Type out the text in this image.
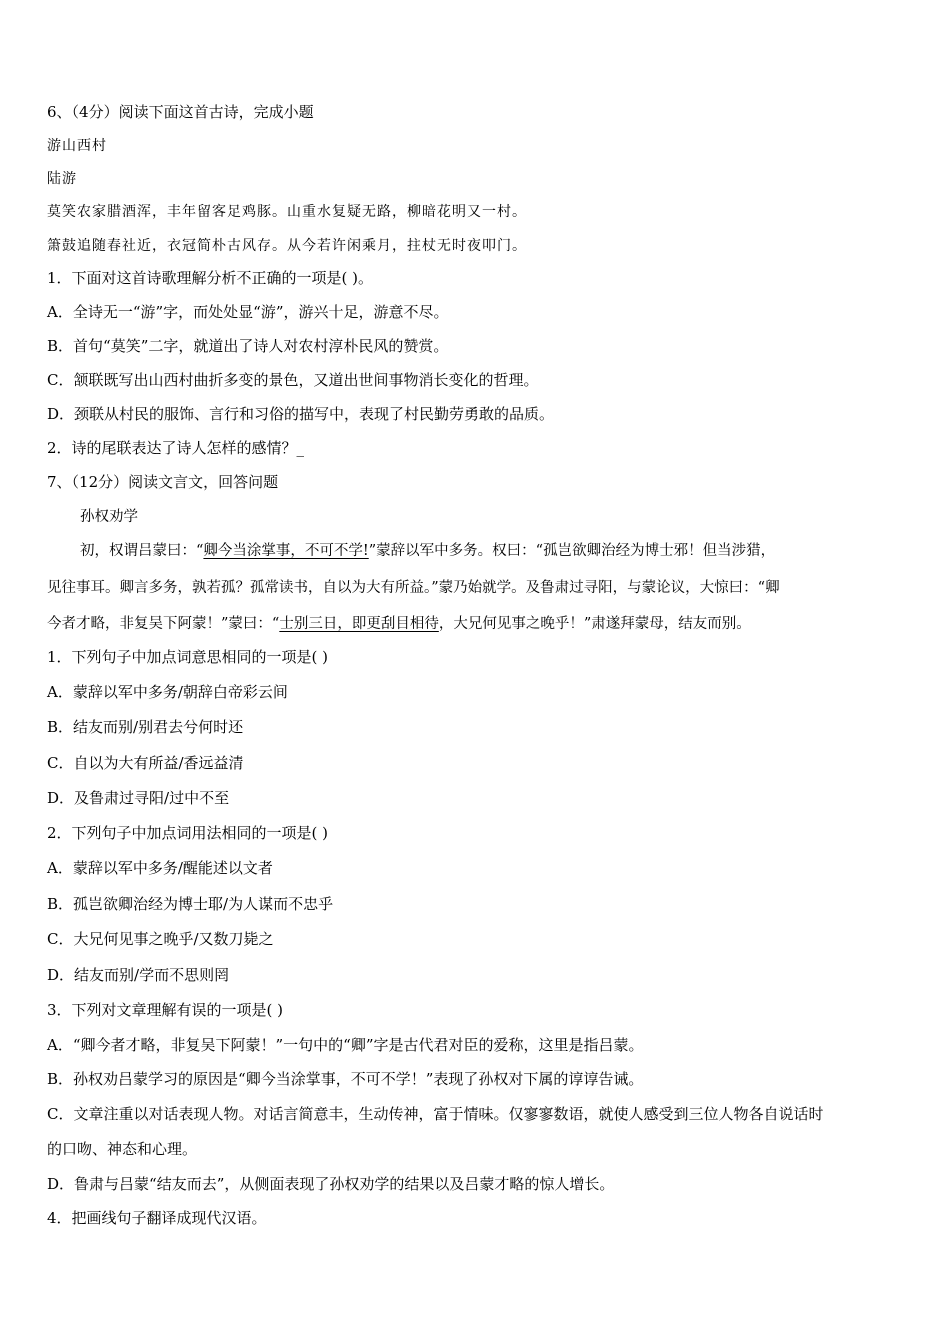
6、（4分）阅读下面这首古诗，完成小题
游山西村
陆游
莫笑农家腊酒浑，丰年留客足鸡豚。山重水复疑无路，柳暗花明又一村。
箫鼓追随春社近，衣冠简朴古风存。从今若许闲乘月，拄杖无时夜叩门。
1．下面对这首诗歌理解分析不正确的一项是( )。
A．全诗无一“游”字，而处处显“游”，游兴十足，游意不尽。
B．首句“莫笑”二字，就道出了诗人对农村淳朴民风的赞赏。
C．颔联既写出山西村曲折多变的景色，又道出世间事物消长变化的哲理。
D．颈联从村民的服饰、言行和习俗的描写中，表现了村民勤劳勇敢的品质。
2．诗的尾联表达了诗人怎样的感情？_
7、（12分）阅读文言文，回答问题
孙权劝学
初，权谓吕蒙曰：“卿今当涂掌事，不可不学!”蒙辞以军中多务。权曰：“孤岂欲卿治经为博士邪！但当涉猎，
见往事耳。卿言多务，孰若孤？孤常读书，自以为大有所益。”蒙乃始就学。及鲁肃过寻阳，与蒙论议，大惊曰：“卿
今者才略，非复吴下阿蒙！”蒙曰：“士别三日，即更刮目相待，大兄何见事之晚乎！”肃遂拜蒙母，结友而别。
1．下列句子中加点词意思相同的一项是( )
A．蒙辞以军中多务/朝辞白帝彩云间
B．结友而别/别君去兮何时还
C．自以为大有所益/香远益清
D．及鲁肃过寻阳/过中不至
2．下列句子中加点词用法相同的一项是( )
A．蒙辞以军中多务/醒能述以文者
B．孤岂欲卿治经为博士耶/为人谋而不忠乎
C．大兄何见事之晚乎/又数刀毙之
D．结友而别/学而不思则罔
3．下列对文章理解有误的一项是( )
A．“卿今者才略，非复吴下阿蒙！”一句中的“卿”字是古代君对臣的爱称，这里是指吕蒙。
B．孙权劝吕蒙学习的原因是“卿今当涂掌事，不可不学！”表现了孙权对下属的谆谆告诫。
C．文章注重以对话表现人物。对话言简意丰，生动传神，富于情味。仅寥寥数语，就使人感受到三位人物各自说话时
的口吻、神态和心理。
D．鲁肃与吕蒙“结友而去”，从侧面表现了孙权劝学的结果以及吕蒙才略的惊人增长。
4．把画线句子翻译成现代汉语。
